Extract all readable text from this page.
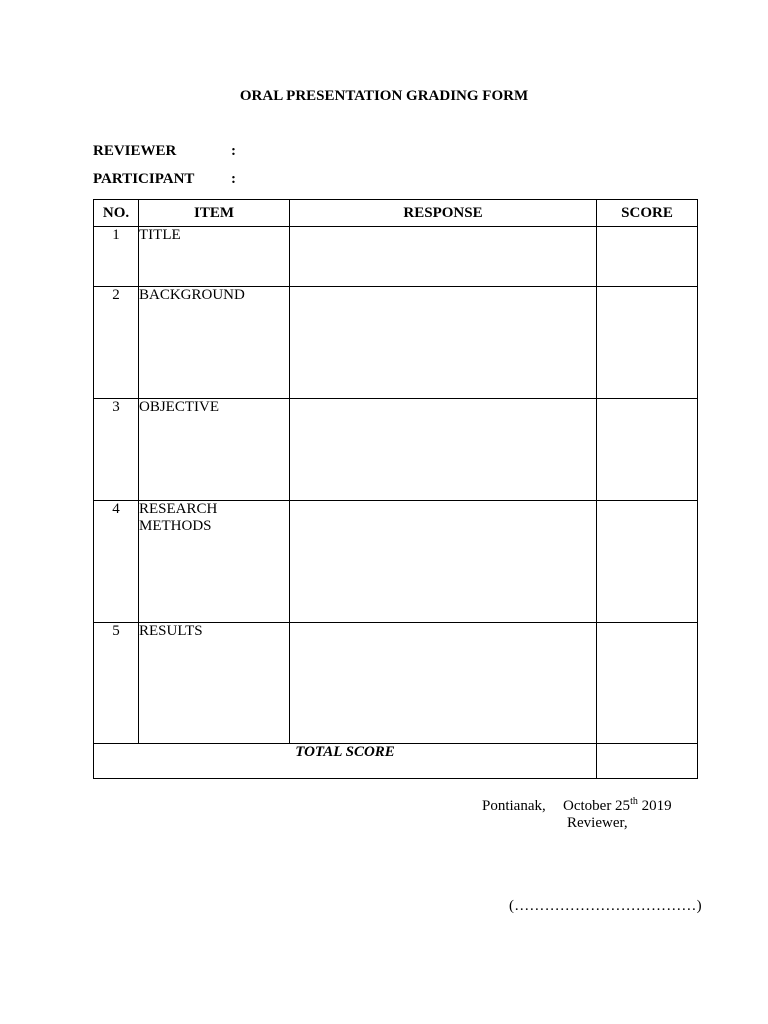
ORAL PRESENTATION GRADING FORM
REVIEWER	:
PARTICIPANT :
NO.	ITEM	RESPONSE	SCORE
1	TITLE		
2	BACKGROUND		
3	OBJECTIVE		
4	RESEARCH
METHODS		
5	RESULTS		
TOTAL SCORE			
Pontianak, October 25th 2019
Reviewer,
(………………………………)
